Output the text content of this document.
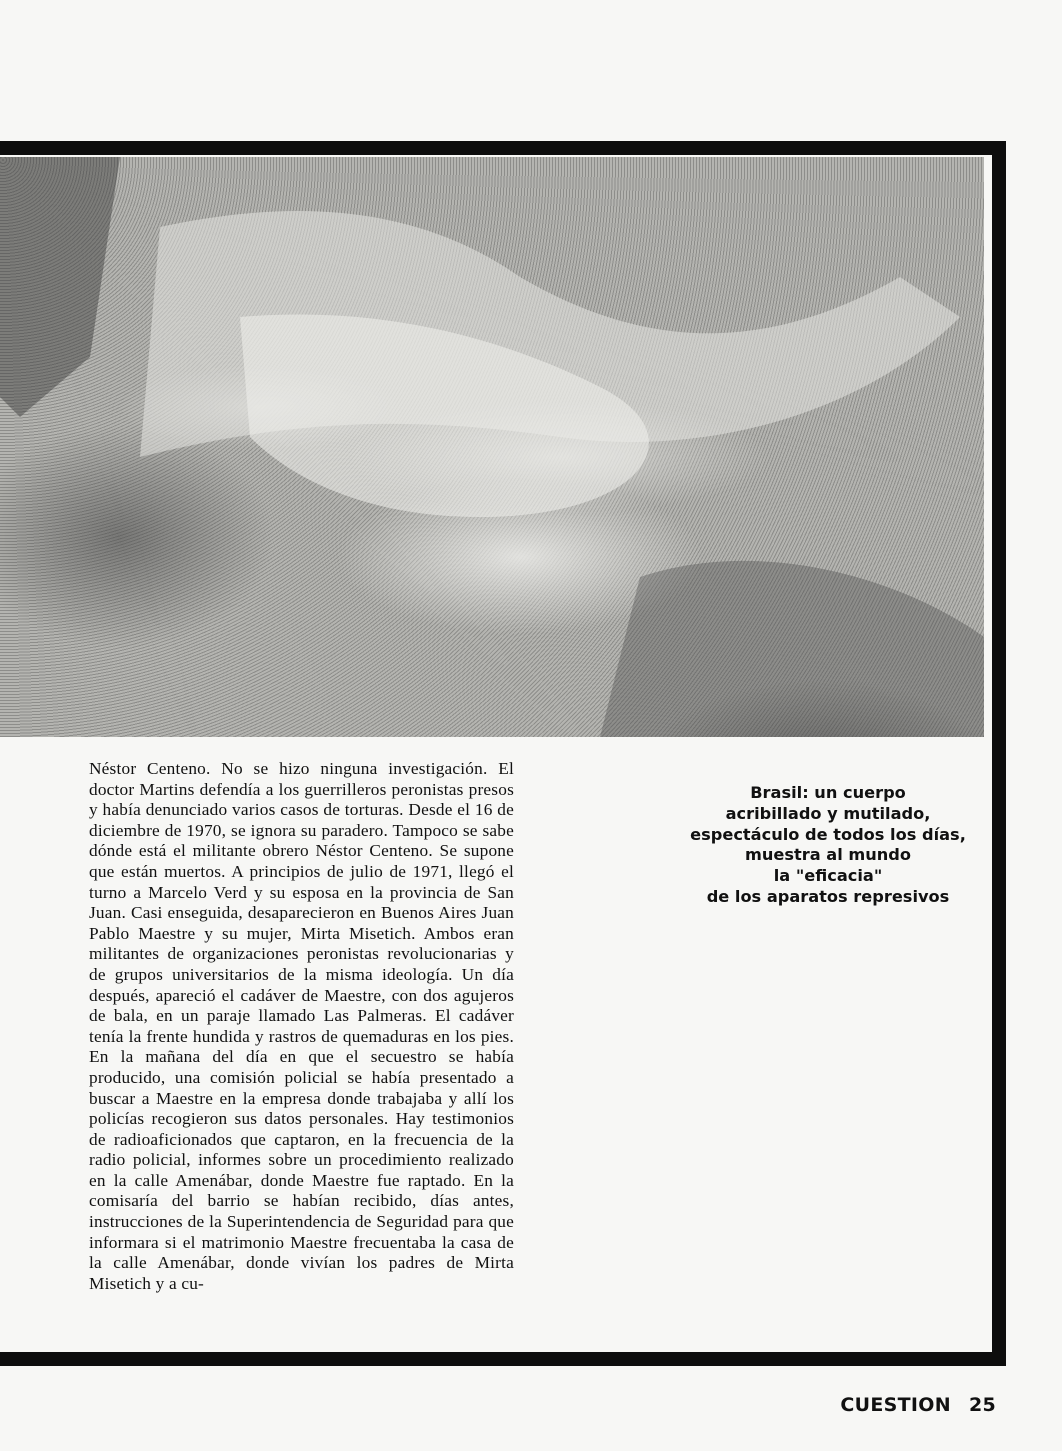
Néstor Centeno. No se hizo ninguna investigación. El doctor Martins defendía a los guerrilleros peronistas presos y había denunciado varios casos de torturas. Desde el 16 de diciembre de 1970, se ignora su paradero. Tampoco se sabe dónde está el militante obrero Néstor Centeno. Se supone que están muertos. A principios de julio de 1971, llegó el turno a Marcelo Verd y su esposa en la provincia de San Juan. Casi enseguida, desaparecieron en Buenos Aires Juan Pablo Maestre y su mujer, Mirta Misetich. Ambos eran militantes de organizaciones peronistas revolucionarias y de grupos universitarios de la misma ideología. Un día después, apareció el cadáver de Maestre, con dos agujeros de bala, en un paraje llamado Las Palmeras. El cadáver tenía la frente hundida y rastros de quemaduras en los pies. En la mañana del día en que el secuestro se había producido, una comisión policial se había presentado a buscar a Maestre en la empresa donde trabajaba y allí los policías recogieron sus datos personales. Hay testimonios de radioaficionados que captaron, en la frecuencia de la radio policial, informes sobre un procedimiento realizado en la calle Amenábar, donde Maestre fue raptado. En la comisaría del barrio se habían recibido, días antes, instrucciones de la Superintendencia de Seguridad para que informara si el matrimonio Maestre frecuentaba la casa de la calle Amenábar, donde vivían los padres de Mirta Misetich y a cu-
Brasil: un cuerpo
acribillado y mutilado,
espectáculo de todos los días,
muestra al mundo
la "eficacia"
de los aparatos represivos
CUESTION 25
